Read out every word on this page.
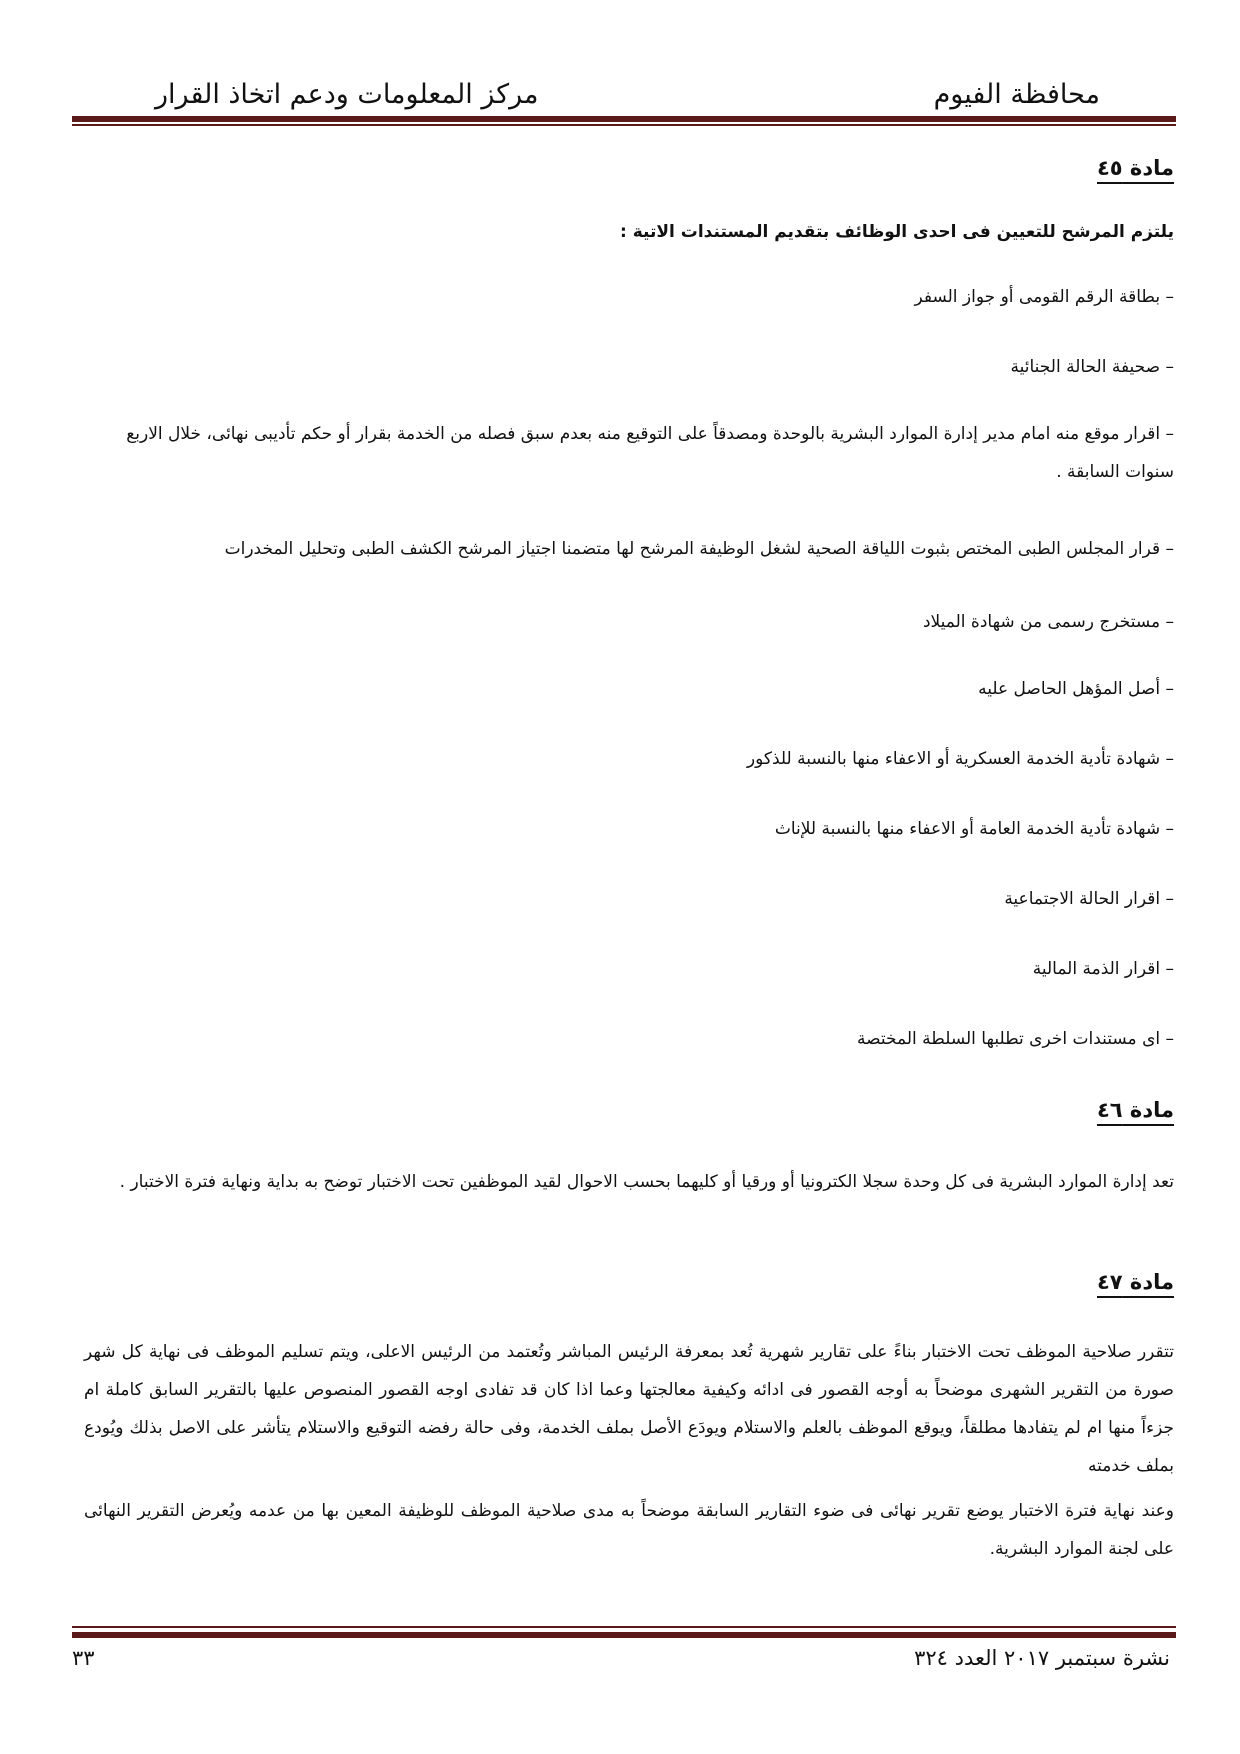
محافظة الفيوم
مركز المعلومات ودعم اتخاذ القرار
مادة ٤٥
يلتزم المرشح للتعيين فى احدى الوظائف بتقديم المستندات الاتية :
– بطاقة الرقم القومى أو جواز السفر
– صحيفة الحالة الجنائية
– اقرار موقع منه امام مدير إدارة الموارد البشرية بالوحدة ومصدقاً على التوقيع منه بعدم سبق فصله من الخدمة بقرار أو حكم تأديبى نهائى، خلال الاربع سنوات السابقة .
– قرار المجلس الطبى المختص بثبوت اللياقة الصحية لشغل الوظيفة المرشح لها متضمنا اجتياز المرشح الكشف الطبى وتحليل المخدرات
– مستخرج رسمى من شهادة الميلاد
– أصل المؤهل الحاصل عليه
– شهادة تأدية الخدمة العسكرية أو الاعفاء منها بالنسبة للذكور
– شهادة تأدية الخدمة العامة أو الاعفاء منها بالنسبة للإناث
– اقرار الحالة الاجتماعية
– اقرار الذمة المالية
– اى مستندات اخرى تطلبها السلطة المختصة
مادة ٤٦
تعد إدارة الموارد البشرية فى كل وحدة سجلا الكترونيا أو ورقيا أو كليهما بحسب الاحوال لقيد الموظفين تحت الاختبار توضح به بداية ونهاية فترة الاختبار .
مادة ٤٧
تتقرر صلاحية الموظف تحت الاختبار بناءً على تقارير شهرية تُعد بمعرفة الرئيس المباشر وتُعتمد من الرئيس الاعلى، ويتم تسليم الموظف فى نهاية كل شهر صورة من التقرير الشهرى موضحاً به أوجه القصور فى ادائه وكيفية معالجتها وعما اذا كان قد تفادى اوجه القصور المنصوص عليها بالتقرير السابق كاملة ام جزءاً منها ام لم يتفادها مطلقاً، ويوقع الموظف بالعلم والاستلام ويودَع الأصل بملف الخدمة، وفى حالة رفضه التوقيع والاستلام يتأشر على الاصل بذلك ويُودع بملف خدمته
وعند نهاية فترة الاختبار يوضع تقرير نهائى فى ضوء التقارير السابقة موضحاً به مدى صلاحية الموظف للوظيفة المعين بها من عدمه ويُعرض التقرير النهائى على لجنة الموارد البشرية.
نشرة سبتمبر ٢٠١٧ العدد ٣٢٤
٣٣
